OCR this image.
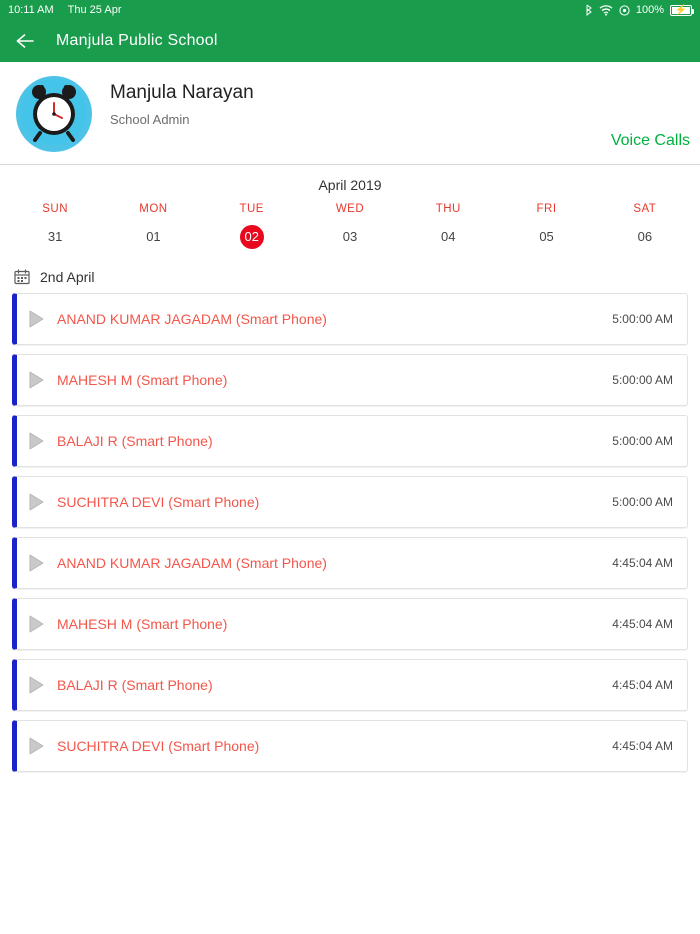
10:11 AM Thu 25 Apr	100%	⚡
Manjula Public School
Manjula Narayan
School Admin
Voice Calls
April 2019
SUN	MON	TUE	WED	THU	FRI	SAT
31	01	02	03	04	05	06
2nd April
ANAND KUMAR JAGADAM (Smart Phone)	5:00:00 AM
MAHESH M (Smart Phone)	5:00:00 AM
BALAJI R (Smart Phone)	5:00:00 AM
SUCHITRA DEVI (Smart Phone)	5:00:00 AM
ANAND KUMAR JAGADAM (Smart Phone)	4:45:04 AM
MAHESH M (Smart Phone)	4:45:04 AM
BALAJI R (Smart Phone)	4:45:04 AM
SUCHITRA DEVI (Smart Phone)	4:45:04 AM
